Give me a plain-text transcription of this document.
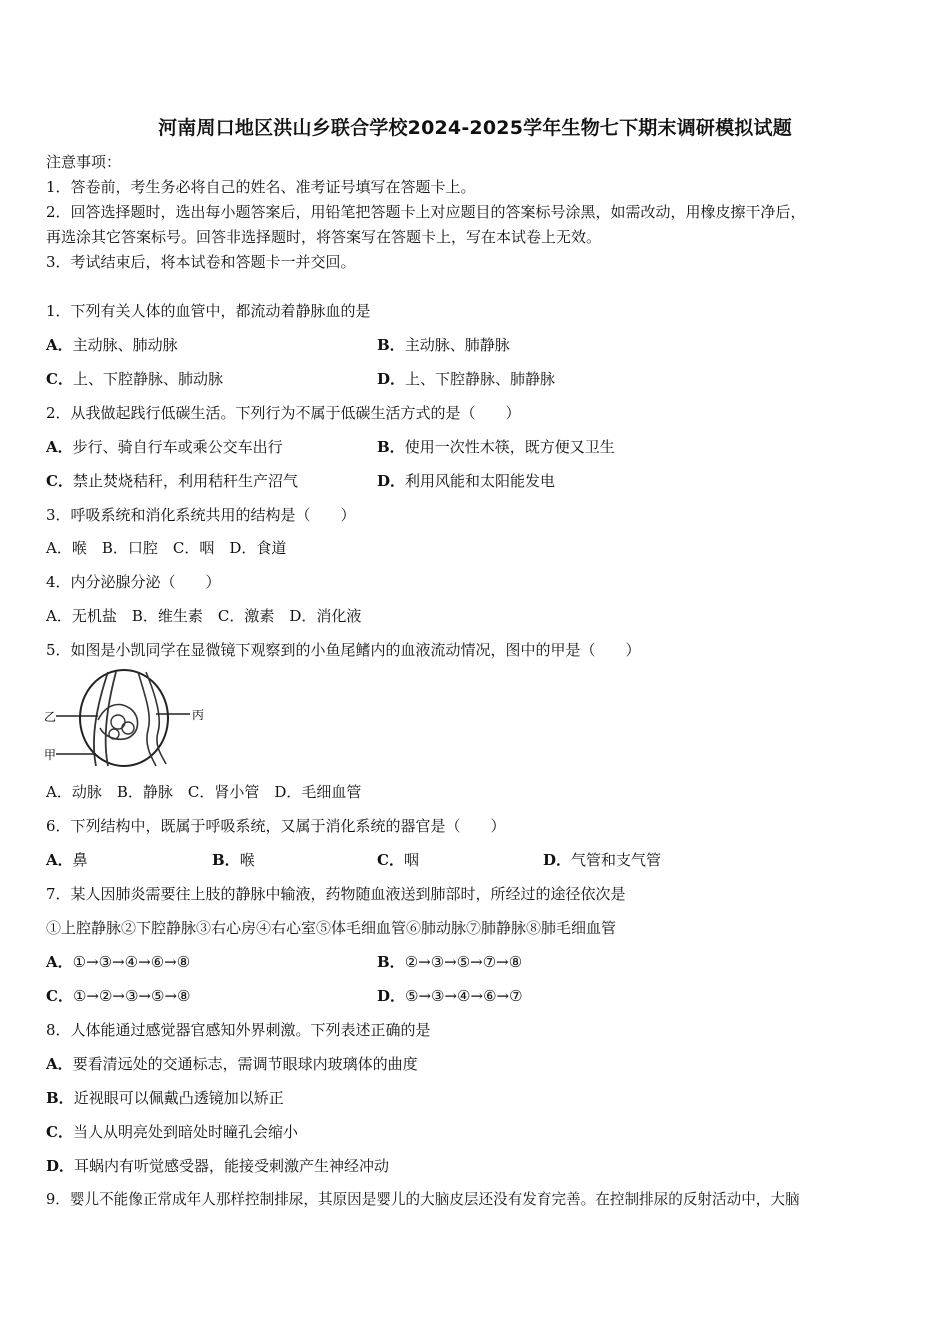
河南周口地区洪山乡联合学校2024-2025学年生物七下期末调研模拟试题
注意事项：
1．答卷前，考生务必将自己的姓名、准考证号填写在答题卡上。
2．回答选择题时，选出每小题答案后，用铅笔把答题卡上对应题目的答案标号涂黑，如需改动，用橡皮擦干净后，
再选涂其它答案标号。回答非选择题时，将答案写在答题卡上，写在本试卷上无效。
3．考试结束后，将本试卷和答题卡一并交回。
1．下列有关人体的血管中，都流动着静脉血的是
A．主动脉、肺动脉	B．主动脉、肺静脉
C．上、下腔静脉、肺动脉	D．上、下腔静脉、肺静脉
2．从我做起践行低碳生活。下列行为不属于低碳生活方式的是（　　）
A．步行、骑自行车或乘公交车出行	B．使用一次性木筷，既方便又卫生
C．禁止焚烧秸秆，利用秸秆生产沼气	D．利用风能和太阳能发电
3．呼吸系统和消化系统共用的结构是（　　）
A．喉　B．口腔　C．咽　D．食道
4．内分泌腺分泌（　　）
A．无机盐　B．维生素　C．激素　D．消化液
5．如图是小凯同学在显微镜下观察到的小鱼尾鳍内的血液流动情况，图中的甲是（　　）
乙	丙
甲
A．动脉　B．静脉　C．肾小管　D．毛细血管
6．下列结构中，既属于呼吸系统，又属于消化系统的器官是（　　）
A．鼻	B．喉	C．咽	D．气管和支气管
7．某人因肺炎需要往上肢的静脉中输液，药物随血液送到肺部时，所经过的途径依次是
①上腔静脉②下腔静脉③右心房④右心室⑤体毛细血管⑥肺动脉⑦肺静脉⑧肺毛细血管
A．①→③→④→⑥→⑧	B．②→③→⑤→⑦→⑧
C．①→②→③→⑤→⑧	D．⑤→③→④→⑥→⑦
8．人体能通过感觉器官感知外界刺激。下列表述正确的是
A．要看清远处的交通标志，需调节眼球内玻璃体的曲度
B．近视眼可以佩戴凸透镜加以矫正
C．当人从明亮处到暗处时瞳孔会缩小
D．耳蜗内有听觉感受器，能接受刺激产生神经冲动
9．婴儿不能像正常成年人那样控制排尿，其原因是婴儿的大脑皮层还没有发育完善。在控制排尿的反射活动中，大脑
